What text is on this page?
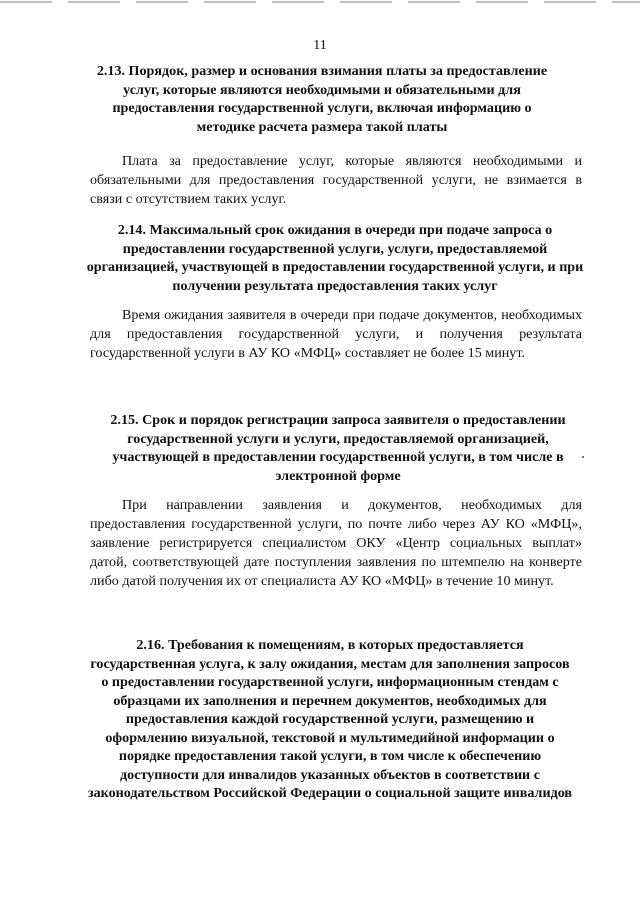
11
2.13. Порядок, размер и основания взимания платы за предоставление услуг, которые являются необходимыми и обязательными для предоставления государственной услуги, включая информацию о методике расчета размера такой платы

Плата за предоставление услуг, которые являются необходимыми и обязательными для предоставления государственной услуги, не взимается в связи с отсутствием таких услуг.

2.14. Максимальный срок ожидания в очереди при подаче запроса о предоставлении государственной услуги, услуги, предоставляемой организацией, участвующей в предоставлении государственной услуги, и при получении результата предоставления таких услуг

Время ожидания заявителя в очереди при подаче документов, необходимых для предоставления государственной услуги, и получения результата государственной услуги в АУ КО «МФЦ» составляет не более 15 минут.

2.15. Срок и порядок регистрации запроса заявителя о предоставлении государственной услуги и услуги, предоставляемой организацией, участвующей в предоставлении государственной услуги, в том числе в электронной форме

При направлении заявления и документов, необходимых для предоставления государственной услуги, по почте либо через АУ КО «МФЦ», заявление регистрируется специалистом ОКУ «Центр социальных выплат» датой, соответствующей дате поступления заявления по штемпелю на конверте либо датой получения их от специалиста АУ КО «МФЦ» в течение 10 минут.

2.16. Требования к помещениям, в которых предоставляется государственная услуга, к залу ожидания, местам для заполнения запросов о предоставлении государственной услуги, информационным стендам с образцами их заполнения и перечнем документов, необходимых для предоставления каждой государственной услуги, размещению и оформлению визуальной, текстовой и мультимедийной информации о порядке предоставления такой услуги, в том числе к обеспечению доступности для инвалидов указанных объектов в соответствии с законодательством Российской Федерации о социальной защите инвалидов
